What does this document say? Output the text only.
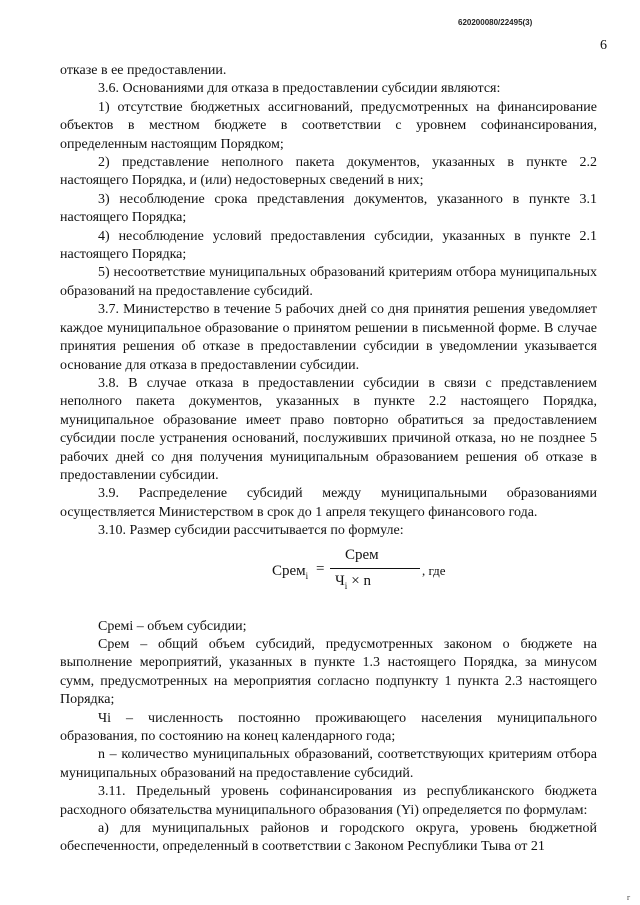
620200080/22495(3)
6

отказе в ее предоставлении.

3.6. Основаниями для отказа в предоставлении субсидии являются:

1) отсутствие бюджетных ассигнований, предусмотренных на финансирование объектов в местном бюджете в соответствии с уровнем софинансирования, определенным настоящим Порядком;

2) представление неполного пакета документов, указанных в пункте 2.2 настоящего Порядка, и (или) недостоверных сведений в них;

3) несоблюдение срока представления документов, указанного в пункте 3.1 настоящего Порядка;

4) несоблюдение условий предоставления субсидии, указанных в пункте 2.1 настоящего Порядка;

5) несоответствие муниципальных образований критериям отбора муниципальных образований на предоставление субсидий.

3.7. Министерство в течение 5 рабочих дней со дня принятия решения уведомляет каждое муниципальное образование о принятом решении в письменной форме. В случае принятия решения об отказе в предоставлении субсидии в уведомлении указывается основание для отказа в предоставлении субсидии.

3.8. В случае отказа в предоставлении субсидии в связи с представлением неполного пакета документов, указанных в пункте 2.2 настоящего Порядка, муниципальное образование имеет право повторно обратиться за предоставлением субсидии после устранения оснований, послуживших причиной отказа, но не позднее 5 рабочих дней со дня получения муниципальным образованием решения об отказе в предоставлении субсидии.

3.9. Распределение субсидий между муниципальными образованиями осуществляется Министерством в срок до 1 апреля текущего финансового года.

3.10. Размер субсидии рассчитывается по формуле:

Срем$_i$ =
Срем
$Ч_i \times n$
, где

Cремi – объем субсидии;

Срем – общий объем субсидий, предусмотренных законом о бюджете на выполнение мероприятий, указанных в пункте 1.3 настоящего Порядка, за минусом сумм, предусмотренных на мероприятия согласно подпункту 1 пункта 2.3 настоящего Порядка;

Чi – численность постоянно проживающего населения муниципального образования, по состоянию на конец календарного года;

n – количество муниципальных образований, соответствующих критериям отбора муниципальных образований на предоставление субсидий.

3.11. Предельный уровень софинансирования из республиканского бюджета расходного обязательства муниципального образования (Yi) определяется по формулам:

а) для муниципальных районов и городского округа, уровень бюджетной обеспеченности, определенный в соответствии с Законом Республики Тыва от 21

г
